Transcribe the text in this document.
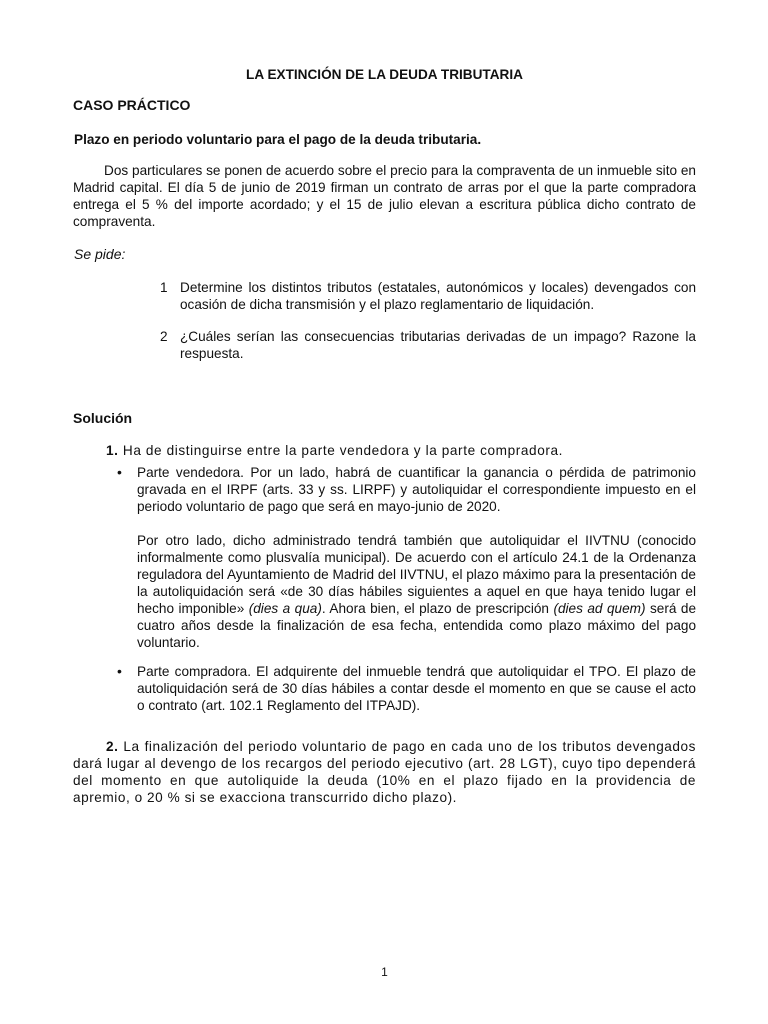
LA EXTINCIÓN DE LA DEUDA TRIBUTARIA
CASO PRÁCTICO
Plazo en periodo voluntario para el pago de la deuda tributaria.
Dos particulares se ponen de acuerdo sobre el precio para la compraventa de un inmueble sito en Madrid capital. El día 5 de junio de 2019 firman un contrato de arras por el que la parte compradora entrega el 5 % del importe acordado; y el 15 de julio elevan a escritura pública dicho contrato de compraventa.
Se pide:
1 Determine los distintos tributos (estatales, autonómicos y locales) devengados con ocasión de dicha transmisión y el plazo reglamentario de liquidación.
2 ¿Cuáles serían las consecuencias tributarias derivadas de un impago? Razone la respuesta.
Solución
1. Ha de distinguirse entre la parte vendedora y la parte compradora.
•	Parte vendedora. Por un lado, habrá de cuantificar la ganancia o pérdida de patrimonio gravada en el IRPF (arts. 33 y ss. LIRPF) y autoliquidar el correspondiente impuesto en el periodo voluntario de pago que será en mayo-junio de 2020.

Por otro lado, dicho administrado tendrá también que autoliquidar el IIVTNU (conocido informalmente como plusvalía municipal). De acuerdo con el artículo 24.1 de la Ordenanza reguladora del Ayuntamiento de Madrid del IIVTNU, el plazo máximo para la presentación de la autoliquidación será «de 30 días hábiles siguientes a aquel en que haya tenido lugar el hecho imponible» (dies a qua). Ahora bien, el plazo de prescripción (dies ad quem) será de cuatro años desde la finalización de esa fecha, entendida como plazo máximo del pago voluntario.

•	Parte compradora. El adquirente del inmueble tendrá que autoliquidar el TPO. El plazo de autoliquidación será de 30 días hábiles a contar desde el momento en que se cause el acto o contrato (art. 102.1 Reglamento del ITPAJD).
2. La finalización del periodo voluntario de pago en cada uno de los tributos devengados dará lugar al devengo de los recargos del periodo ejecutivo (art. 28 LGT), cuyo tipo dependerá del momento en que autoliquide la deuda (10% en el plazo fijado en la providencia de apremio, o 20 % si se exacciona transcurrido dicho plazo).
1
